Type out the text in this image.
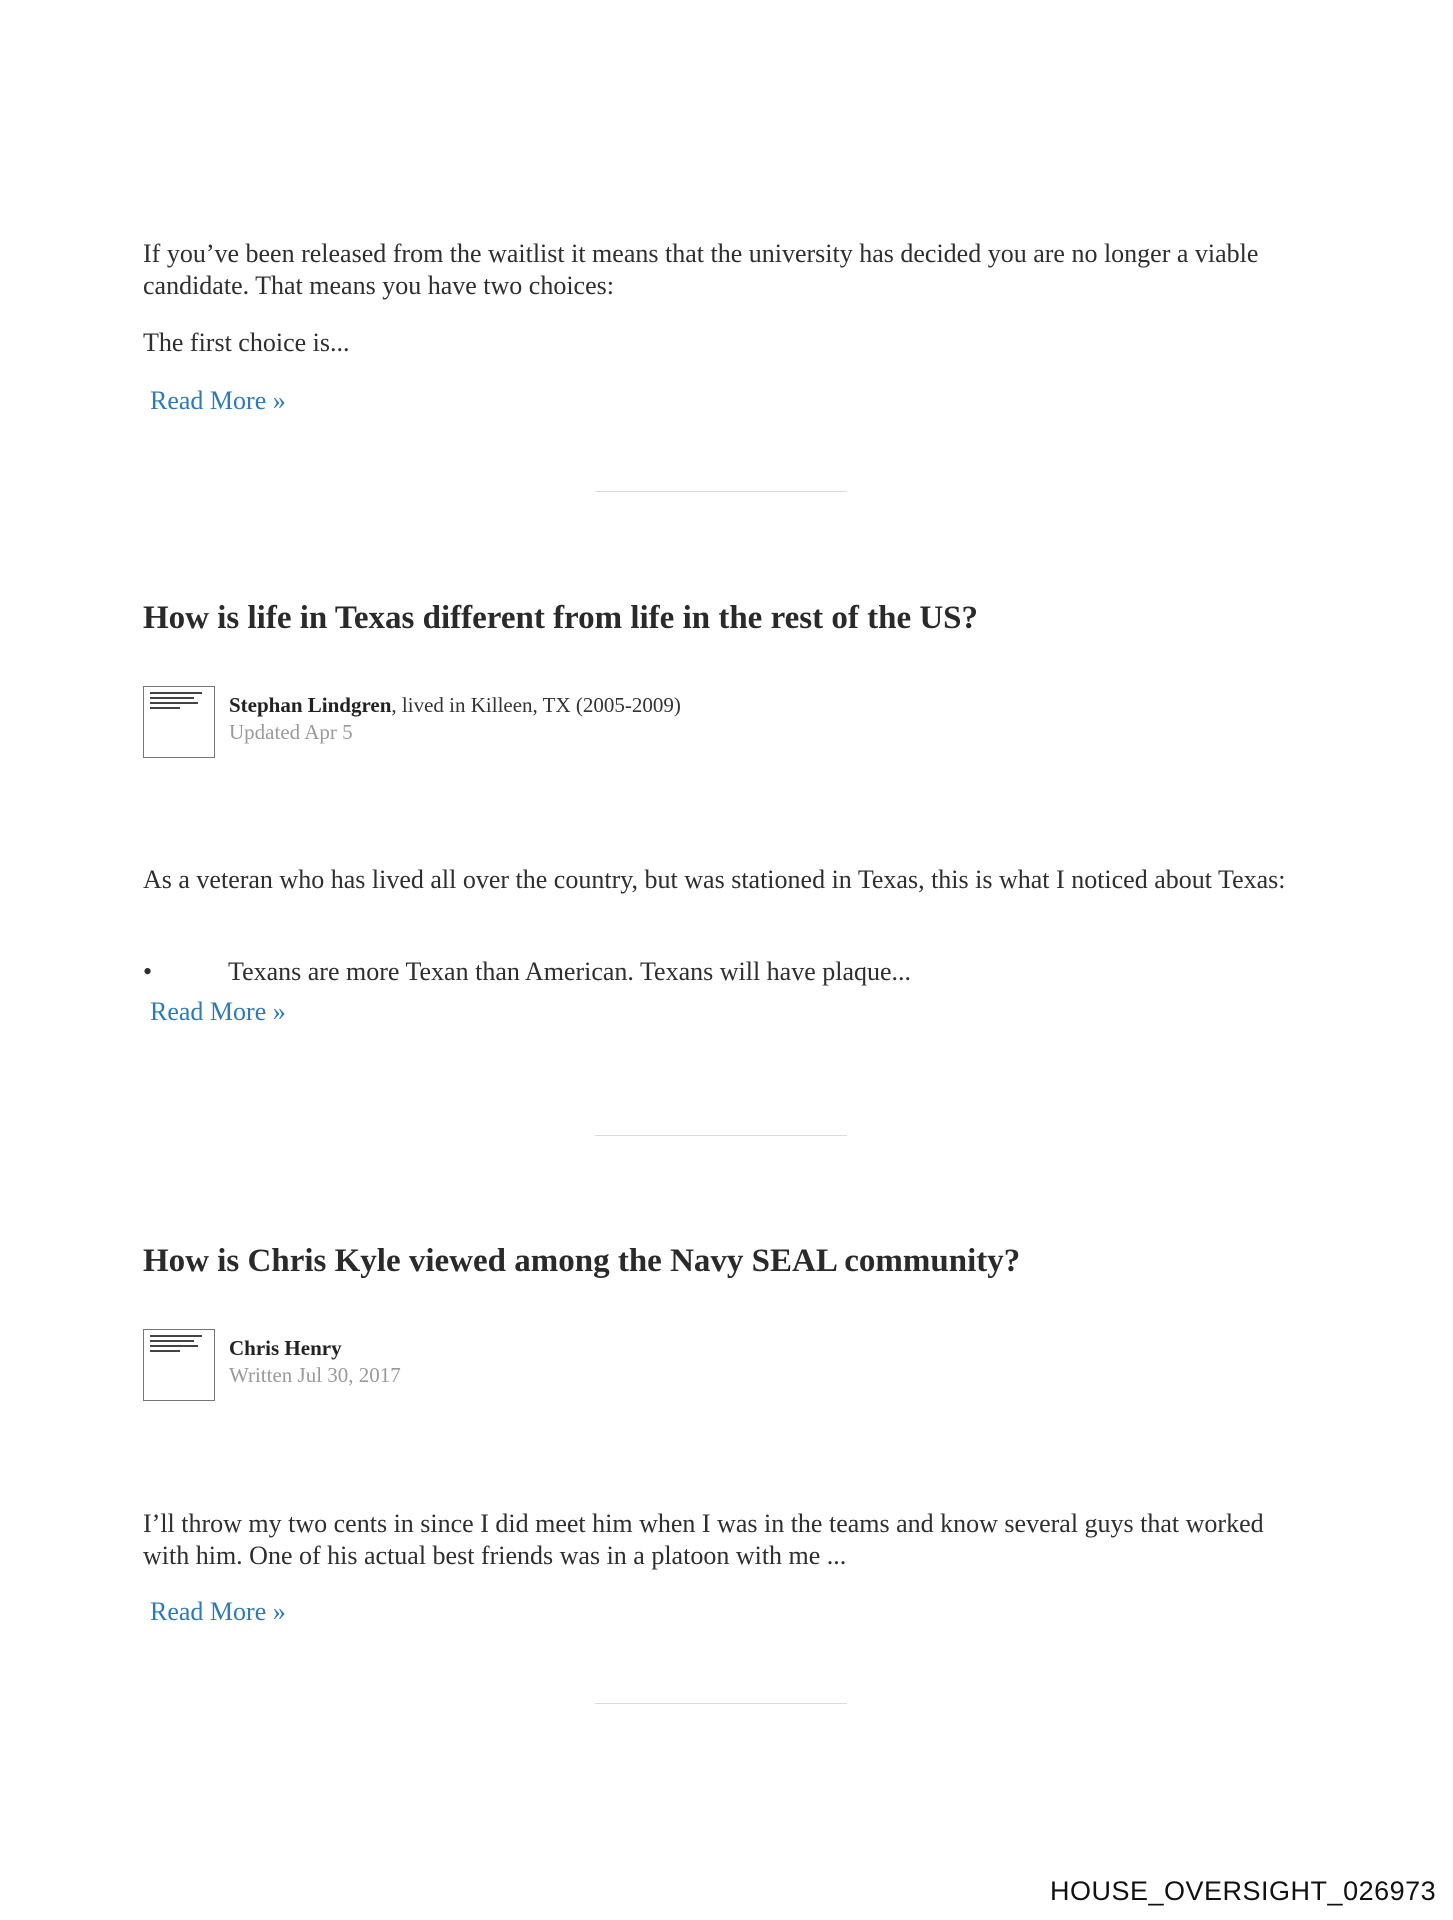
If you’ve been released from the waitlist it means that the university has decided you are no longer a viable candidate. That means you have two choices:

The first choice is...

Read More »
How is life in Texas different from life in the rest of the US?
Stephan Lindgren, lived in Killeen, TX (2005-2009)
Updated Apr 5

As a veteran who has lived all over the country, but was stationed in Texas, this is what I noticed about Texas:

•	Texans are more Texan than American. Texans will have plaque...
Read More »
How is Chris Kyle viewed among the Navy SEAL community?
Chris Henry
Written Jul 30, 2017

I’ll throw my two cents in since I did meet him when I was in the teams and know several guys that worked with him. One of his actual best friends was in a platoon with me ...

Read More »
HOUSE_OVERSIGHT_026973
